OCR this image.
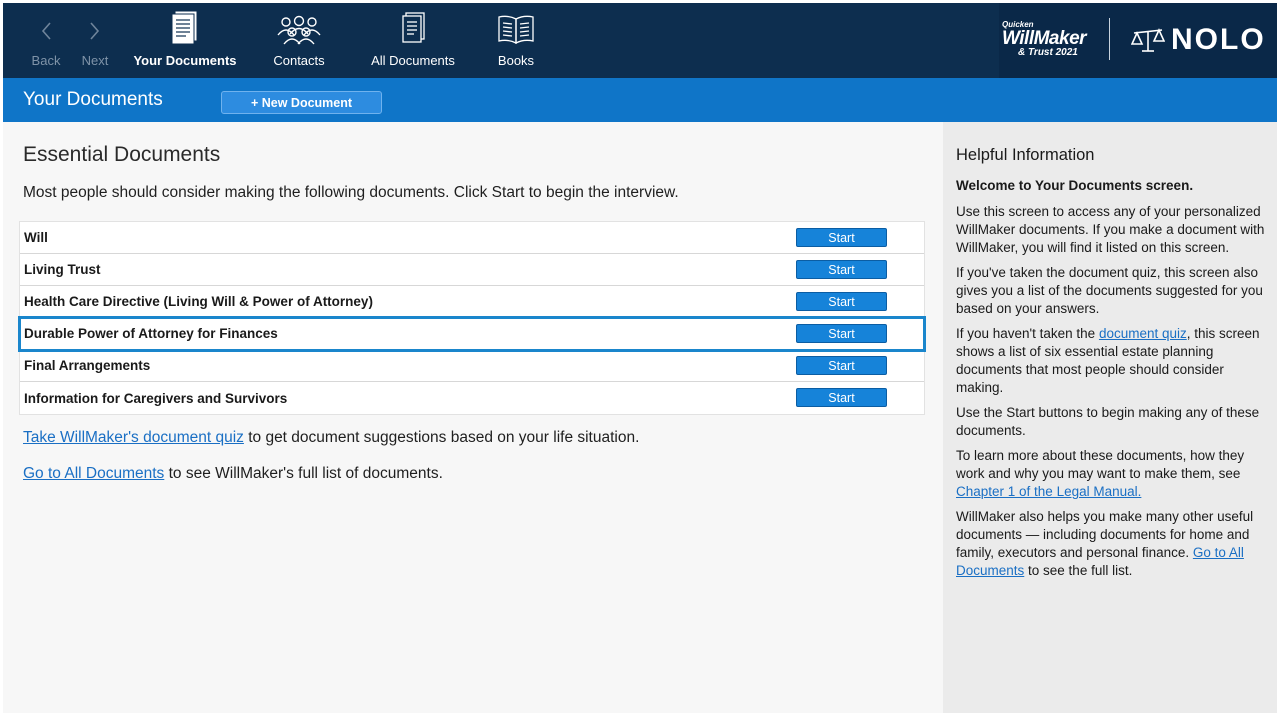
Back Next Your Documents	Contacts	All Documents	Books
Quicken
WillMaker
& Trust 2021	NOLO
Your Documents	+ New Document
Essential Documents
Most people should consider making the following documents. Click Start to begin the interview.
Will	Start
Living Trust	Start
Health Care Directive (Living Will & Power of Attorney)	Start
Durable Power of Attorney for Finances	Start
Final Arrangements	Start
Information for Caregivers and Survivors	Start
Take WillMaker's document quiz to get document suggestions based on your life situation.
Go to All Documents to see WillMaker's full list of documents.
Helpful Information
Welcome to Your Documents screen.
Use this screen to access any of your personalized WillMaker documents. If you make a document with WillMaker, you will find it listed on this screen.
If you've taken the document quiz, this screen also gives you a list of the documents suggested for you based on your answers.
If you haven't taken the document quiz, this screen shows a list of six essential estate planning documents that most people should consider making.
Use the Start buttons to begin making any of these documents.
To learn more about these documents, how they work and why you may want to make them, see Chapter 1 of the Legal Manual.
WillMaker also helps you make many other useful documents — including documents for home and family, executors and personal finance. Go to All Documents to see the full list.
